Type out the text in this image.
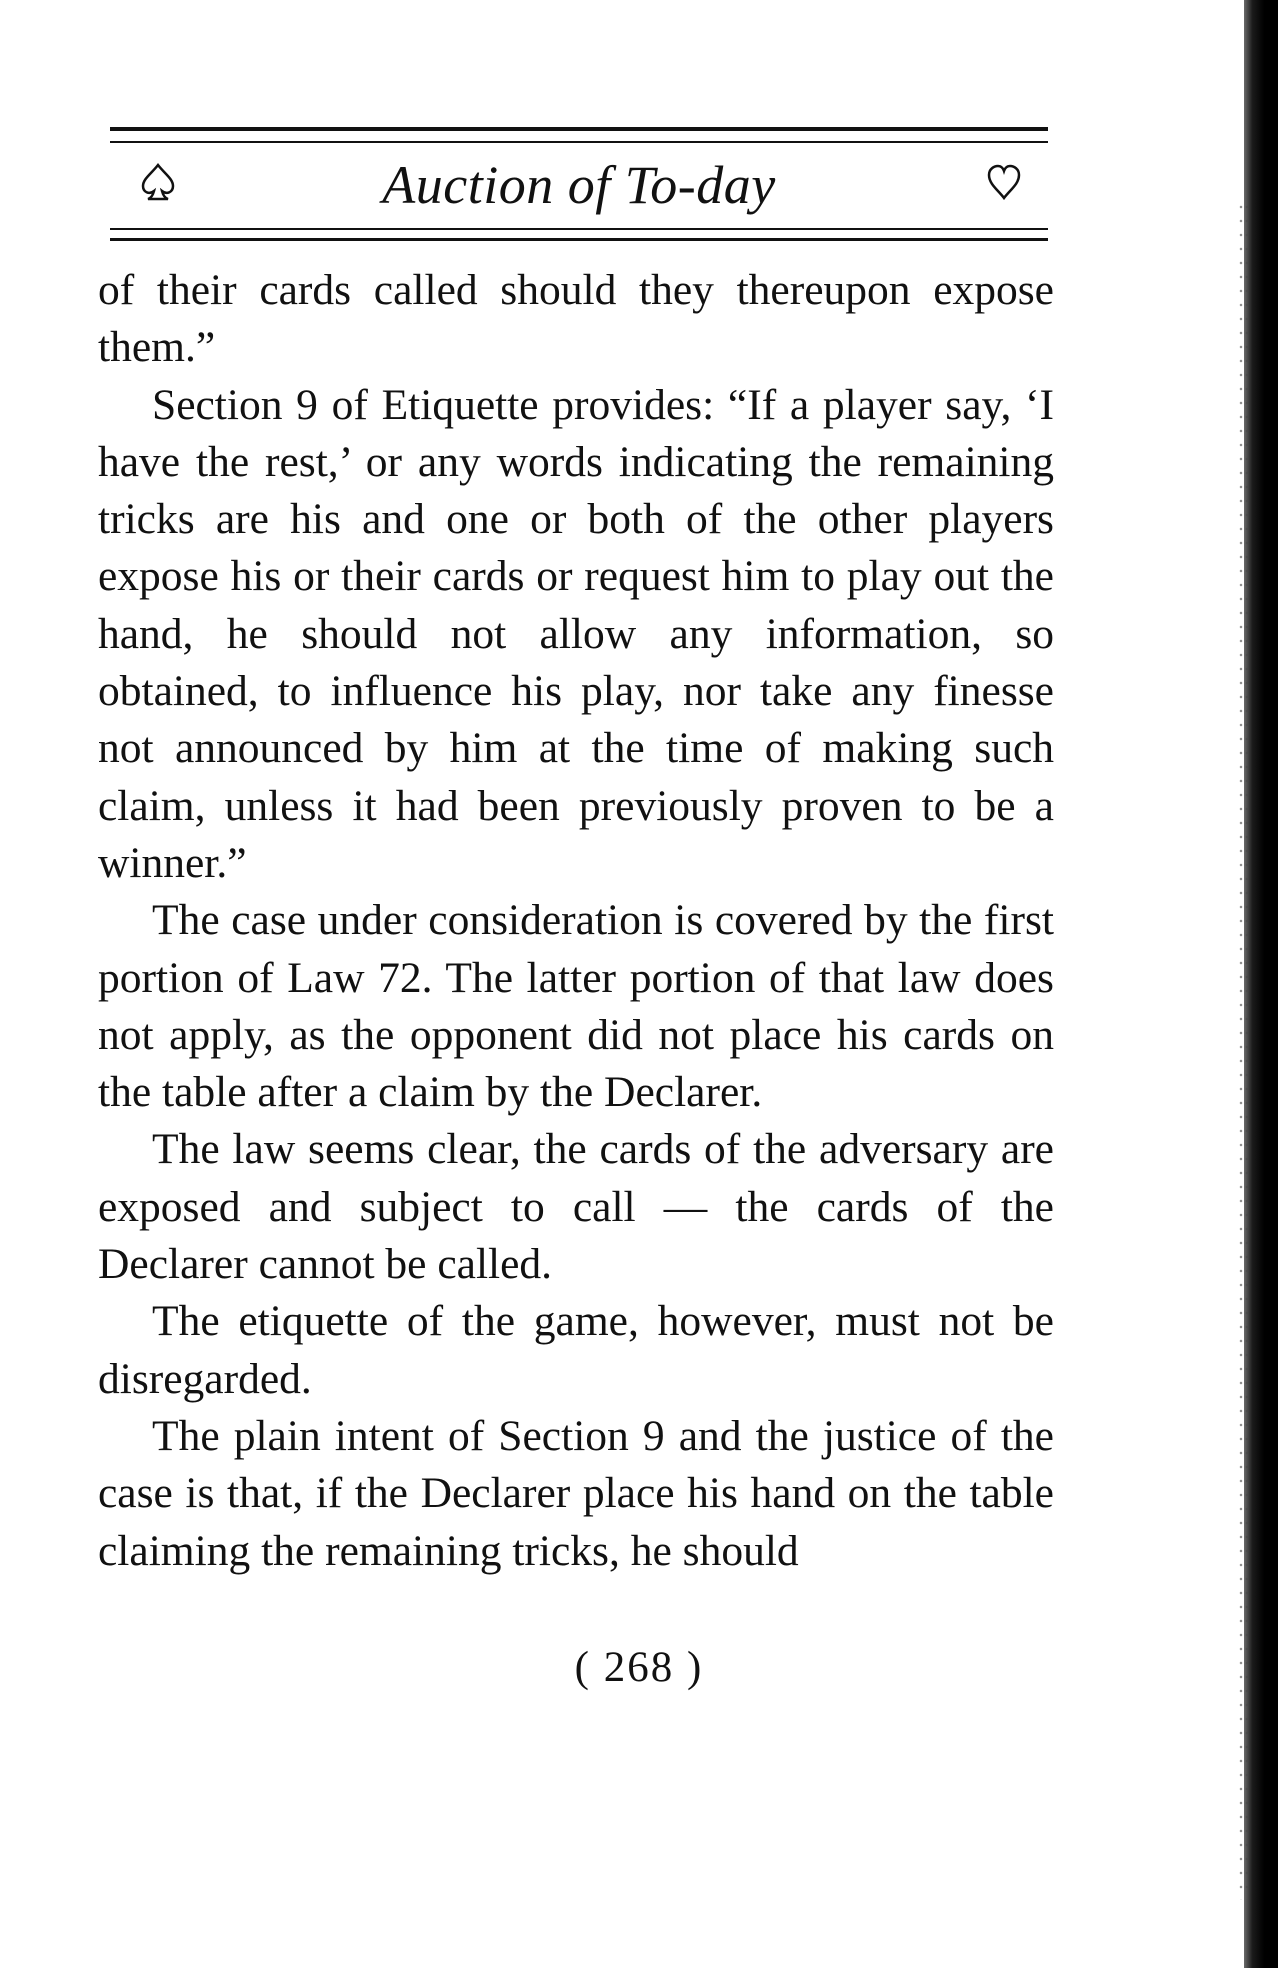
Auction of To-day

of their cards called should they thereupon expose them.”

Section 9 of Etiquette provides: “If a player say, ‘I have the rest,’ or any words indicating the remaining tricks are his and one or both of the other players expose his or their cards or request him to play out the hand, he should not allow any information, so obtained, to influence his play, nor take any finesse not announced by him at the time of making such claim, unless it had been previously proven to be a winner.”

The case under consideration is covered by the first portion of Law 72. The latter portion of that law does not apply, as the opponent did not place his cards on the table after a claim by the Declarer.

The law seems clear, the cards of the adversary are exposed and subject to call — the cards of the Declarer cannot be called.

The etiquette of the game, however, must not be disregarded.

The plain intent of Section 9 and the justice of the case is that, if the Declarer place his hand on the table claiming the remaining tricks, he should

( 268 )
